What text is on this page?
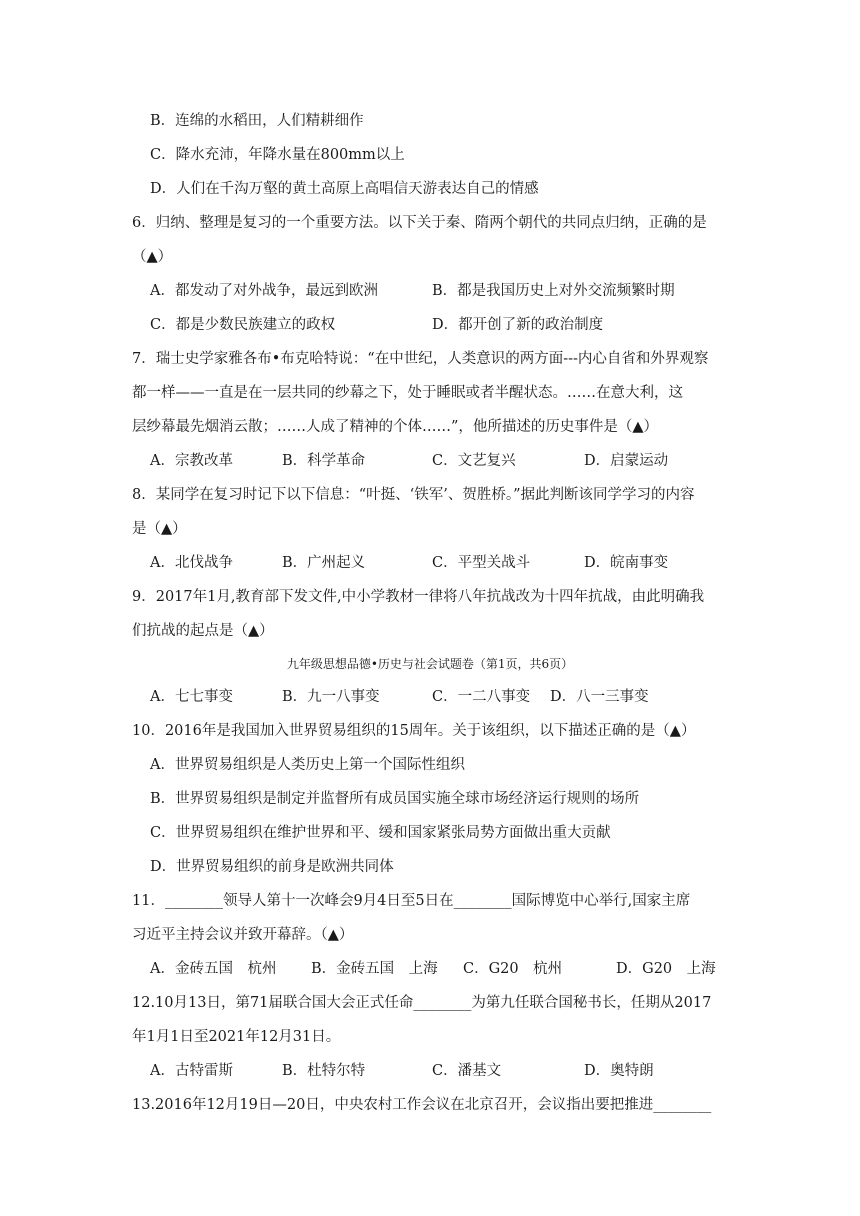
B．连绵的水稻田，人们精耕细作
C．降水充沛，年降水量在800mm以上
D．人们在千沟万壑的黄土高原上高唱信天游表达自己的情感
6．归纳、整理是复习的一个重要方法。以下关于秦、隋两个朝代的共同点归纳，正确的是
（▲）
A．都发动了对外战争，最远到欧洲	B．都是我国历史上对外交流频繁时期
C．都是少数民族建立的政权	D．都开创了新的政治制度
7．瑞士史学家雅各布•布克哈特说：“在中世纪，人类意识的两方面---内心自省和外界观察
都一样——一直是在一层共同的纱幕之下，处于睡眠或者半醒状态。……在意大利，这
层纱幕最先烟消云散；……人成了精神的个体……”，他所描述的历史事件是（▲）
A．宗教改革	B．科学革命	C．文艺复兴	D．启蒙运动
8．某同学在复习时记下以下信息：“叶挺、‘铁军’、贺胜桥。”据此判断该同学学习的内容
是（▲）
A．北伐战争	B．广州起义	C．平型关战斗	D．皖南事变
9．2017年1月,教育部下发文件,中小学教材一律将八年抗战改为十四年抗战，由此明确我
们抗战的起点是（▲）
九年级思想品德•历史与社会试题卷（第1页，共6页）
A．七七事变	B．九一八事变	C．一二八事变 D．八一三事变
10．2016年是我国加入世界贸易组织的15周年。关于该组织，以下描述正确的是（▲）
A．世界贸易组织是人类历史上第一个国际性组织
B．世界贸易组织是制定并监督所有成员国实施全球市场经济运行规则的场所
C．世界贸易组织在维护世界和平、缓和国家紧张局势方面做出重大贡献
D．世界贸易组织的前身是欧洲共同体
11．________领导人第十一次峰会9月4日至5日在________国际博览中心举行,国家主席
习近平主持会议并致开幕辞。（▲）
A．金砖五国　杭州 B．金砖五国　上海 C．G20　杭州	D．G20　上海
12.10月13日，第71届联合国大会正式任命________为第九任联合国秘书长，任期从2017
年1月1日至2021年12月31日。
A．古特雷斯	B．杜特尔特	C．潘基文	D．奥特朗
13.2016年12月19日—20日，中央农村工作会议在北京召开，会议指出要把推进________
